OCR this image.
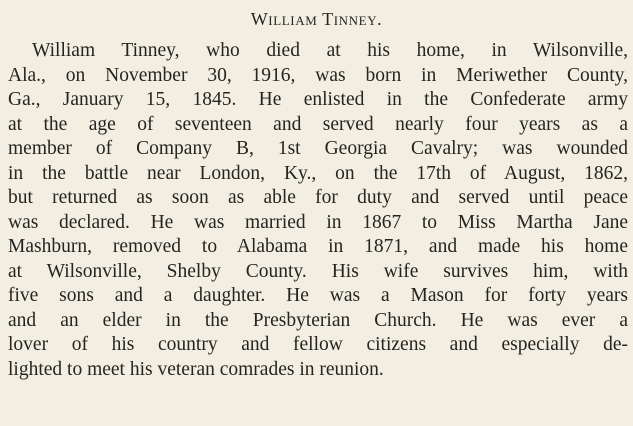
William Tinney.
William Tinney, who died at his home, in Wilsonville,
Ala., on November 30, 1916, was born in Meriwether County,
Ga., January 15, 1845. He enlisted in the Confederate army
at the age of seventeen and served nearly four years as a
member of Company B, 1st Georgia Cavalry; was wounded
in the battle near London, Ky., on the 17th of August, 1862,
but returned as soon as able for duty and served until peace
was declared. He was married in 1867 to Miss Martha Jane
Mashburn, removed to Alabama in 1871, and made his home
at Wilsonville, Shelby County. His wife survives him, with
five sons and a daughter. He was a Mason for forty years
and an elder in the Presbyterian Church. He was ever a
lover of his country and fellow citizens and especially de-
lighted to meet his veteran comrades in reunion.
